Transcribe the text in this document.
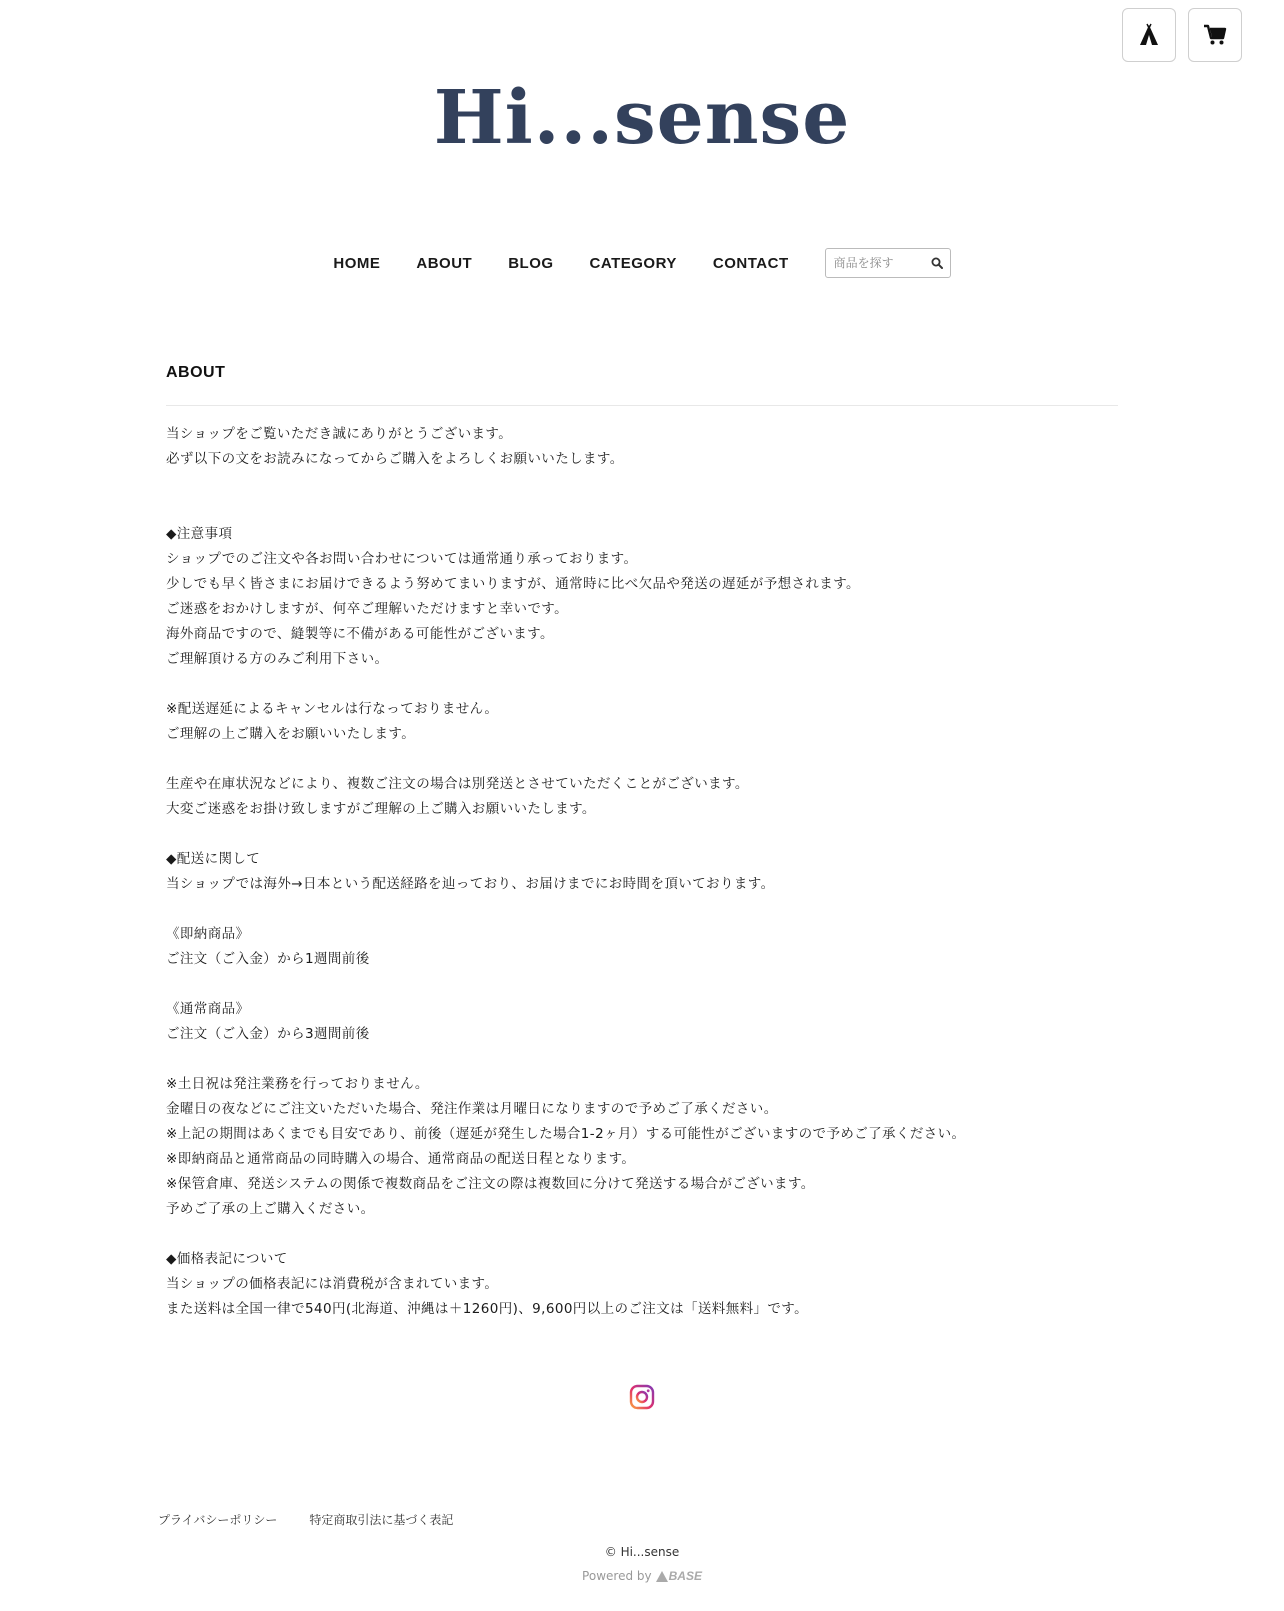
Hi...sense
HOME ABOUT BLOG CATEGORY CONTACT
商品を探す
ABOUT
当ショップをご覧いただき誠にありがとうございます。
必ず以下の文をお読みになってからご購入をよろしくお願いいたします。
◆注意事項
ショップでのご注文や各お問い合わせについては通常通り承っております。
少しでも早く皆さまにお届けできるよう努めてまいりますが、通常時に比べ欠品や発送の遅延が予想されます。
ご迷惑をおかけしますが、何卒ご理解いただけますと幸いです。
海外商品ですので、縫製等に不備がある可能性がございます。
ご理解頂ける方のみご利用下さい。
※配送遅延によるキャンセルは行なっておりません。
ご理解の上ご購入をお願いいたします。
生産や在庫状況などにより、複数ご注文の場合は別発送とさせていただくことがございます。
大変ご迷惑をお掛け致しますがご理解の上ご購入お願いいたします。
◆配送に関して
当ショップでは海外→日本という配送経路を辿っており、お届けまでにお時間を頂いております。
《即納商品》
ご注文（ご入金）から1週間前後
《通常商品》
ご注文（ご入金）から3週間前後
※土日祝は発注業務を行っておりません。
金曜日の夜などにご注文いただいた場合、発注作業は月曜日になりますので予めご了承ください。
※上記の期間はあくまでも目安であり、前後（遅延が発生した場合1-2ヶ月）する可能性がございますので予めご了承ください。
※即納商品と通常商品の同時購入の場合、通常商品の配送日程となります。
※保管倉庫、発送システムの関係で複数商品をご注文の際は複数回に分けて発送する場合がございます。
予めご了承の上ご購入ください。
◆価格表記について
当ショップの価格表記には消費税が含まれています。
また送料は全国一律で540円(北海道、沖縄は＋1260円)、9,600円以上のご注文は「送料無料」です。
プライバシーポリシー	特定商取引法に基づく表記
© Hi...sense
Powered by BASE
